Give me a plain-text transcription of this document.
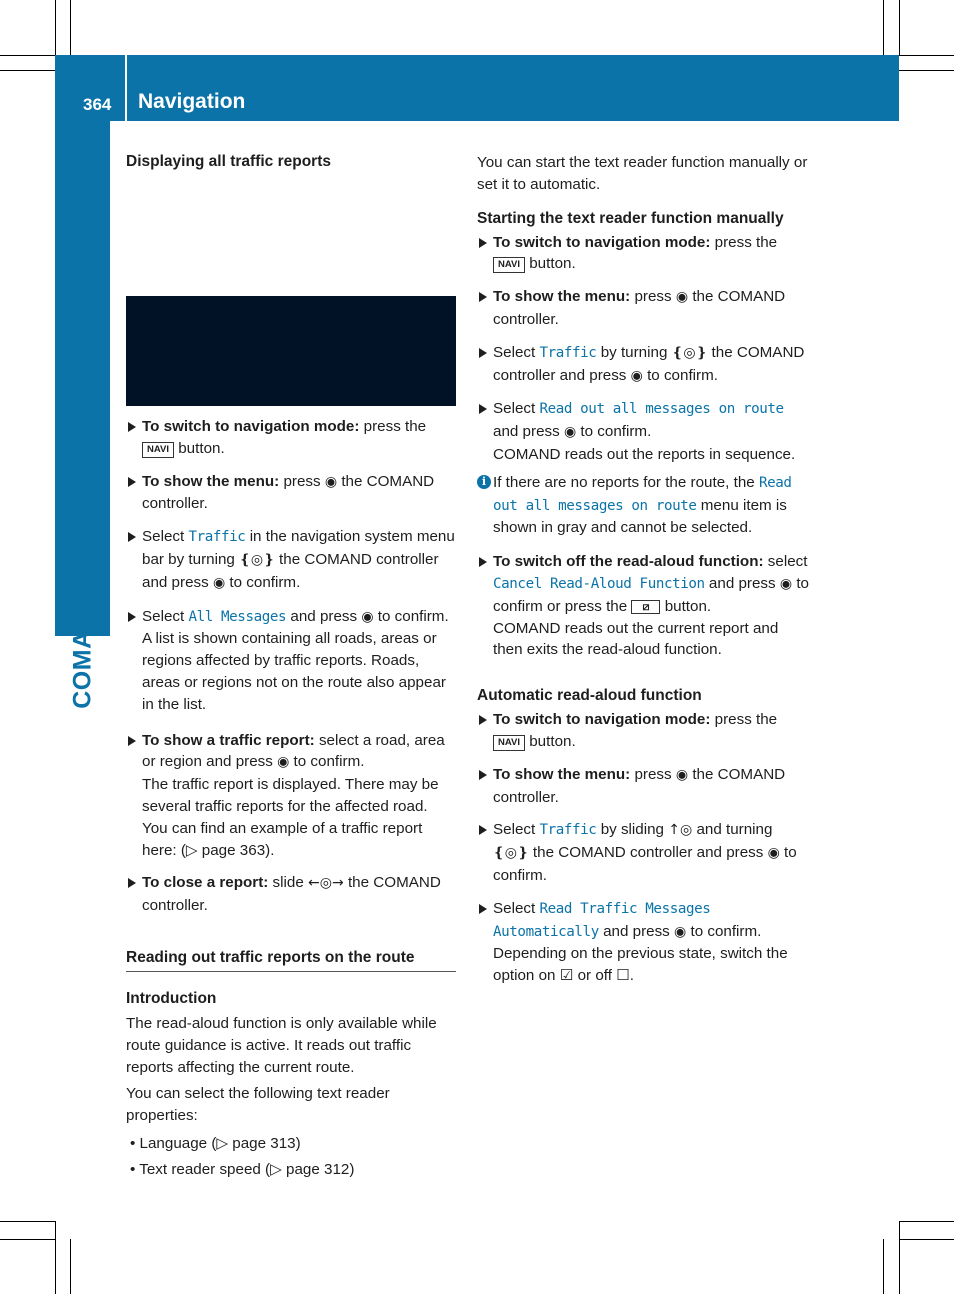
364 Navigation
COMAND
Displaying all traffic reports
To switch to navigation mode: press the NAVI button.
To show the menu: press ◉ the COMAND controller.
Select Traffic in the navigation system menu bar by turning ❴◎❵ the COMAND controller and press ◉ to confirm.
Select All Messages and press ◉ to confirm.
A list is shown containing all roads, areas or regions affected by traffic reports. Roads, areas or regions not on the route also appear in the list.
To show a traffic report: select a road, area or region and press ◉ to confirm.
The traffic report is displayed. There may be several traffic reports for the affected road. You can find an example of a traffic report here: (▷ page 363).
To close a report: slide ←◎→ the COMAND controller.
Reading out traffic reports on the route
Introduction

The read-aloud function is only available while route guidance is active. It reads out traffic reports affecting the current route.

You can select the following text reader properties:

• Language (▷ page 313)
• Text reader speed (▷ page 312)

You can start the text reader function manually or set it to automatic.

Starting the text reader function manually
To switch to navigation mode: press the NAVI button.
To show the menu: press ◉ the COMAND controller.
Select Traffic by turning ❴◎❵ the COMAND controller and press ◉ to confirm.
Select Read out all messages on route and press ◉ to confirm.
COMAND reads out the reports in sequence.
i If there are no reports for the route, the Read out all messages on route menu item is shown in gray and cannot be selected.
To switch off the read-aloud function: select Cancel Read-Aloud Function and press ◉ to confirm or press the ⧄ button.
COMAND reads out the current report and then exits the read-aloud function.
Automatic read-aloud function
To switch to navigation mode: press the NAVI button.
To show the menu: press ◉ the COMAND controller.
Select Traffic by sliding ↑◎ and turning ❴◎❵ the COMAND controller and press ◉ to confirm.
Select Read Traffic Messages Automatically and press ◉ to confirm.
Depending on the previous state, switch the option on ☑ or off ☐.
